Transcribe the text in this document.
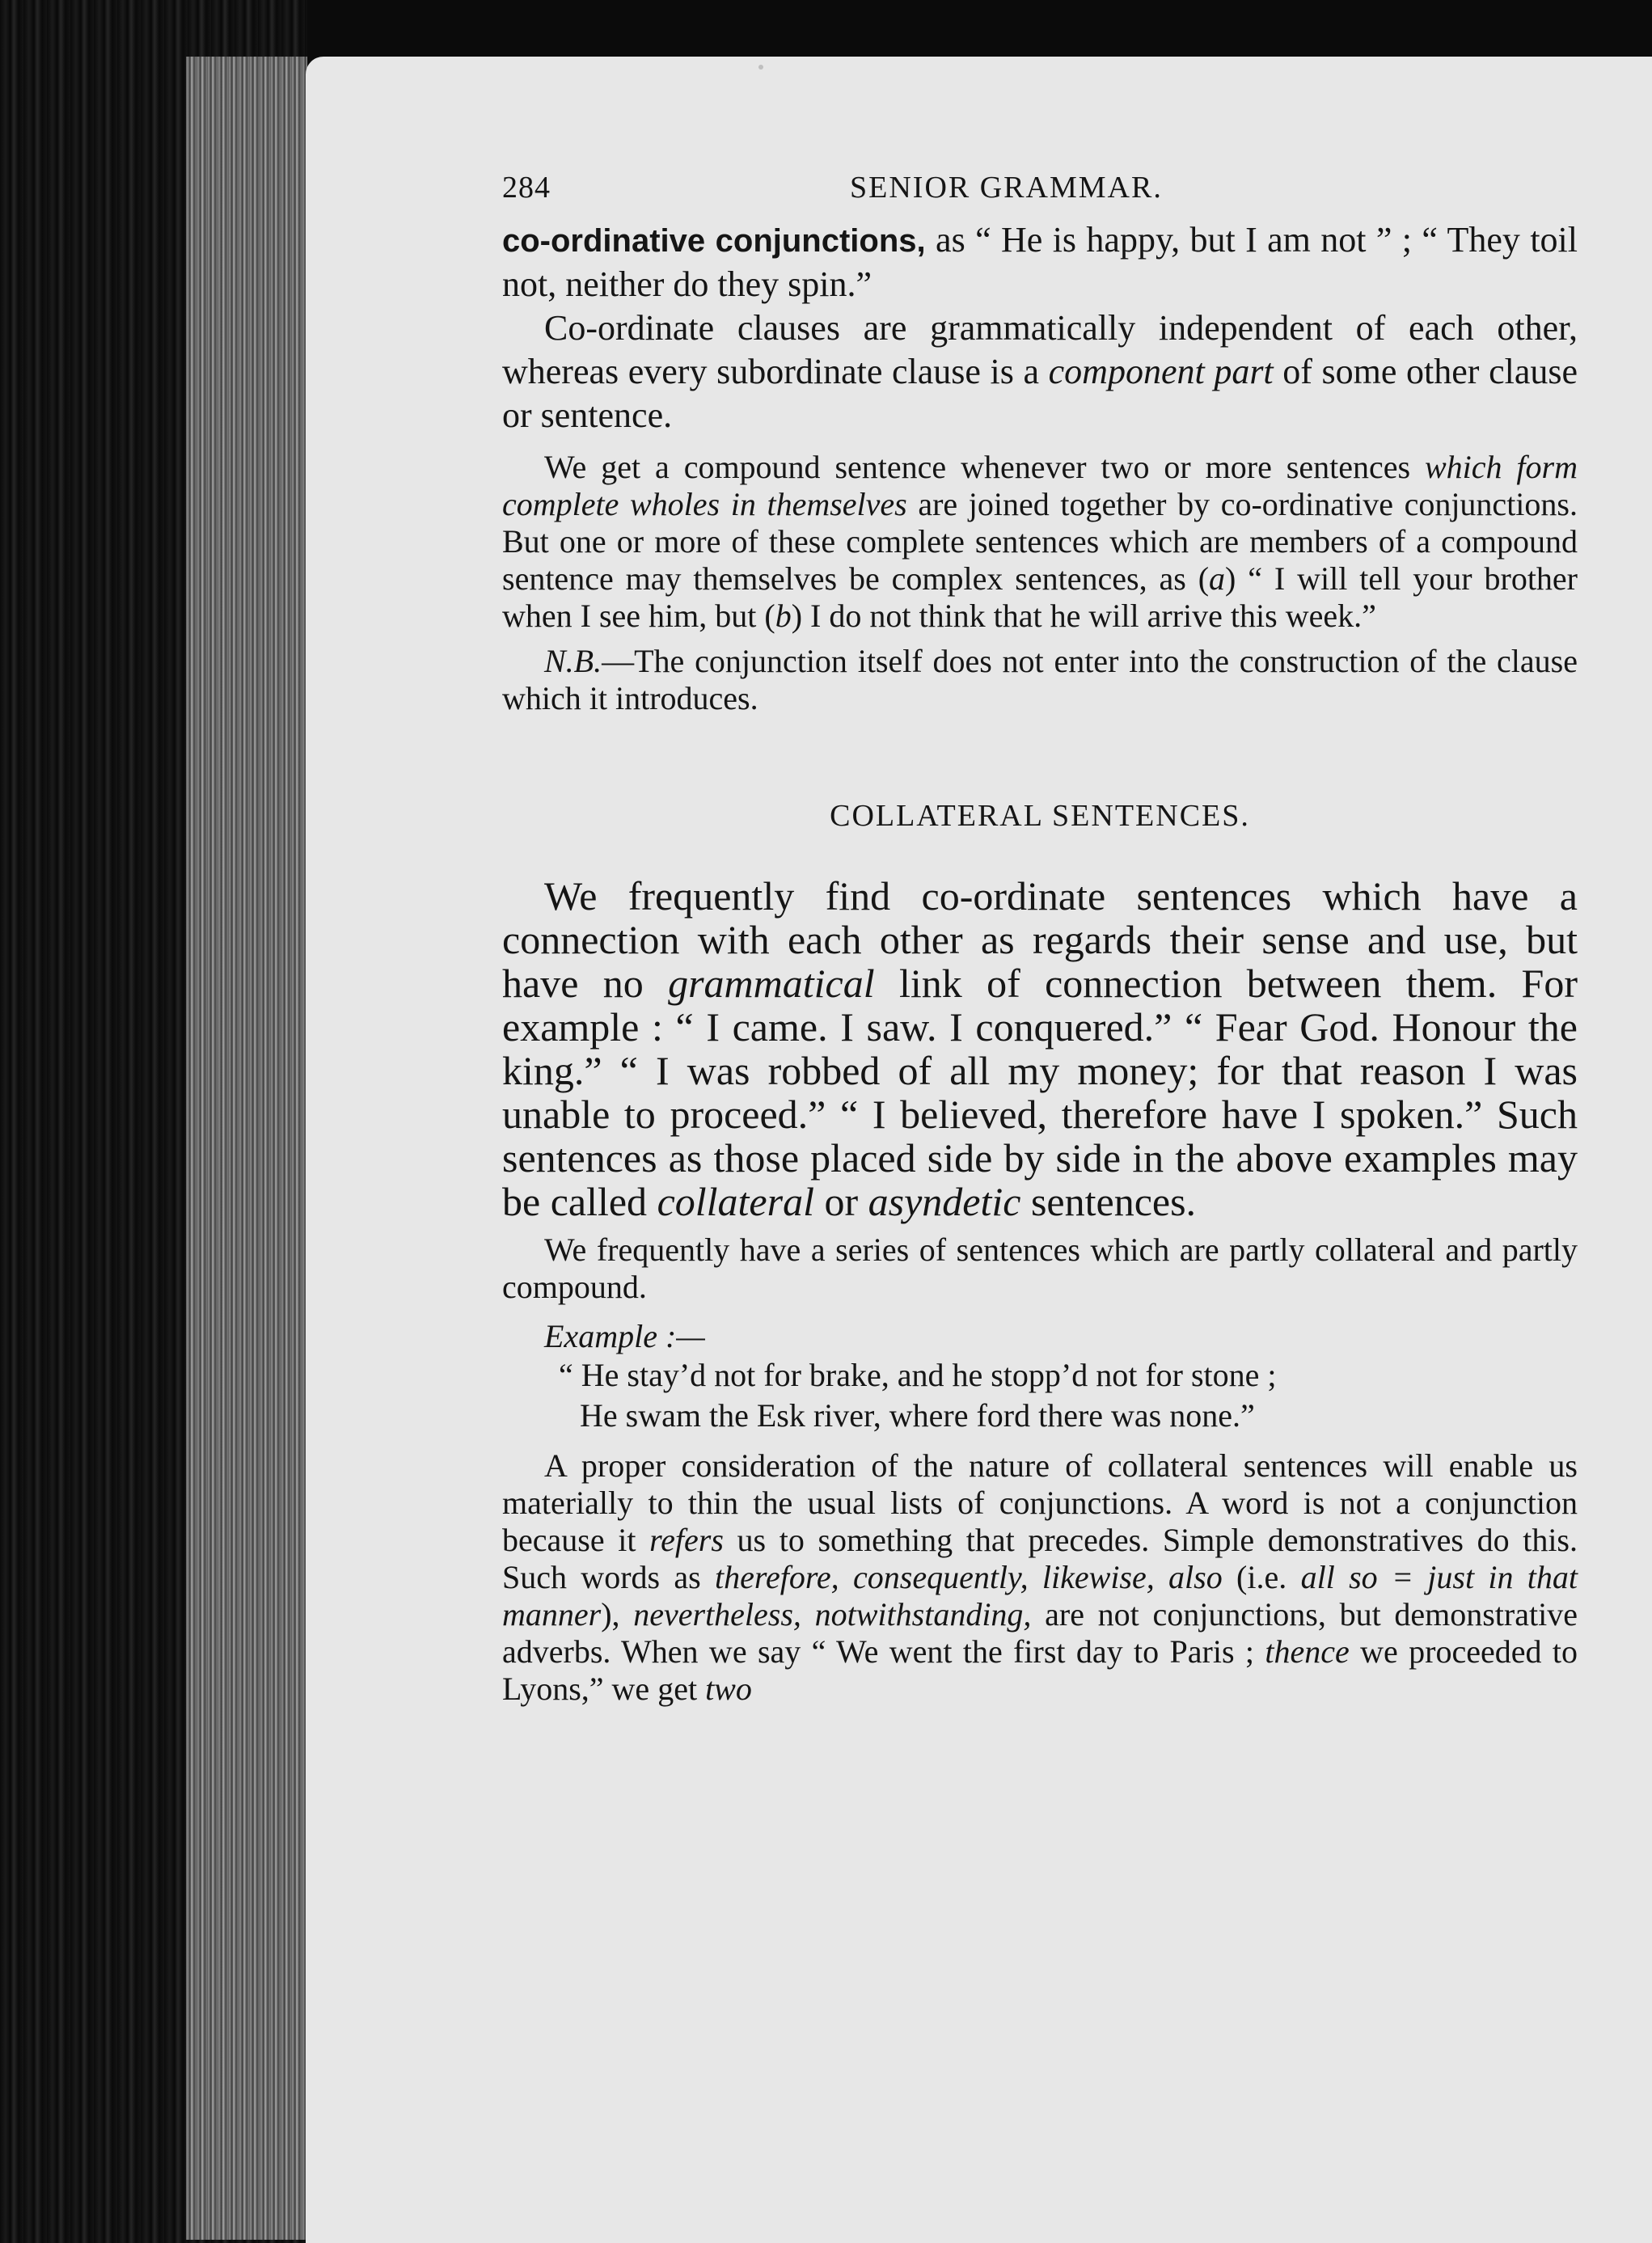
284	SENIOR GRAMMAR.

co-ordinative conjunctions, as “ He is happy, but I am not ” ; “ They toil not, neither do they spin.”

Co-ordinate clauses are grammatically independent of each other, whereas every subordinate clause is a component part of some other clause or sentence.

We get a compound sentence whenever two or more sentences which form complete wholes in themselves are joined together by co-ordinative conjunctions. But one or more of these complete sentences which are members of a compound sentence may themselves be complex sentences, as (a) “ I will tell your brother when I see him, but (b) I do not think that he will arrive this week.”

N.B.—The conjunction itself does not enter into the construction of the clause which it introduces.

COLLATERAL SENTENCES.

We frequently find co-ordinate sentences which have a connection with each other as regards their sense and use, but have no grammatical link of connection between them. For example : “ I came. I saw. I conquered.” “ Fear God. Honour the king.” “ I was robbed of all my money; for that reason I was unable to proceed.” “ I believed, therefore have I spoken.” Such sentences as those placed side by side in the above examples may be called collateral or asyndetic sentences.

We frequently have a series of sentences which are partly collateral and partly compound.

Example :—
“ He stay’d not for brake, and he stopp’d not for stone ;
He swam the Esk river, where ford there was none.”

A proper consideration of the nature of collateral sentences will enable us materially to thin the usual lists of conjunctions. A word is not a conjunction because it refers us to something that precedes. Simple demonstratives do this. Such words as therefore, consequently, likewise, also (i.e. all so = just in that manner), nevertheless, notwithstanding, are not conjunctions, but demonstrative adverbs. When we say “ We went the first day to Paris ; thence we proceeded to Lyons,” we get two
